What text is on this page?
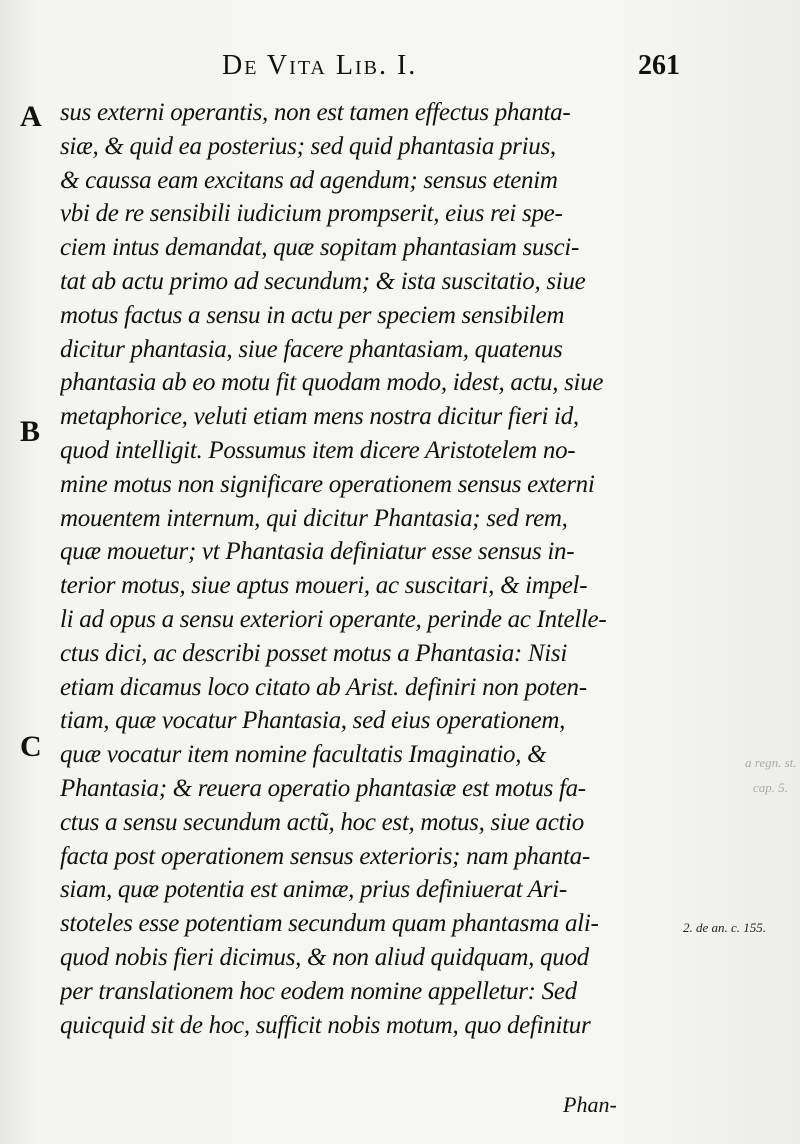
De Vita Lib. I.	261
A
B
C
sus externi operantis, non est tamen effectus phanta-
siæ, & quid ea posterius; sed quid phantasia prius,
& caussa eam excitans ad agendum; sensus etenim
vbi de re sensibili iudicium prompserit, eius rei spe-
ciem intus demandat, quæ sopitam phantasiam susci-
tat ab actu primo ad secundum; & ista suscitatio, siue
motus factus a sensu in actu per speciem sensibilem
dicitur phantasia, siue facere phantasiam, quatenus
phantasia ab eo motu fit quodam modo, idest, actu, siue
metaphorice, veluti etiam mens nostra dicitur fieri id,
quod intelligit. Possumus item dicere Aristotelem no-
mine motus non significare operationem sensus externi
mouentem internum, qui dicitur Phantasia; sed rem,
quæ mouetur; vt Phantasia definiatur esse sensus in-
terior motus, siue aptus moueri, ac suscitari, & impel-
li ad opus a sensu exteriori operante, perinde ac Intelle-
ctus dici, ac describi posset motus a Phantasia: Nisi
etiam dicamus loco citato ab Arist. definiri non poten-
tiam, quæ vocatur Phantasia, sed eius operationem,
quæ vocatur item nomine facultatis Imaginatio, &
Phantasia; & reuera operatio phantasiæ est motus fa-
ctus a sensu secundum actũ, hoc est, motus, siue actio
facta post operationem sensus exterioris; nam phanta-
siam, quæ potentia est animæ, prius definiuerat Ari-
stoteles esse potentiam secundum quam phantasma ali-
quod nobis fieri dicimus, & non aliud quidquam, quod
per translationem hoc eodem nomine appelletur: Sed
quicquid sit de hoc, sufficit nobis motum, quo definitur
2. de an. c. 155.
a regn. st.
cap. 5.
Phan-
